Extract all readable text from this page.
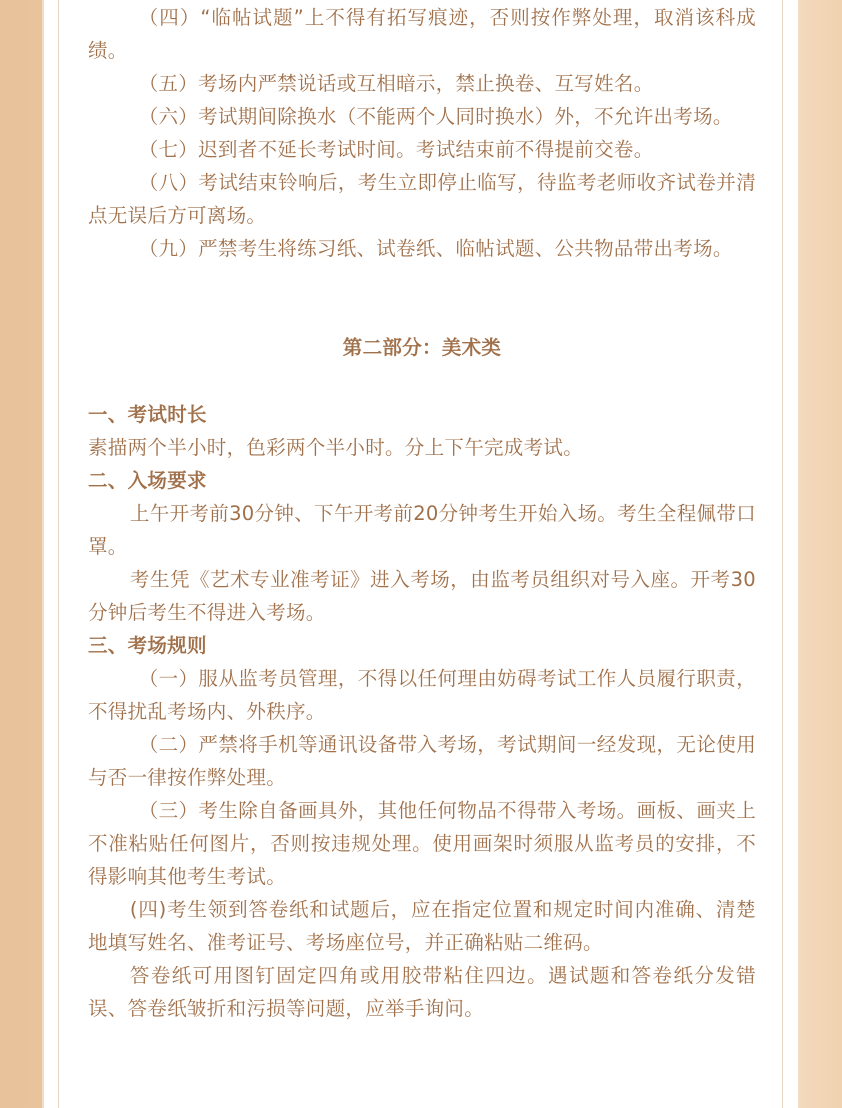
（四）“临帖试题”上不得有拓写痕迹，否则按作弊处理，取消该科成绩。

（五）考场内严禁说话或互相暗示，禁止换卷、互写姓名。

（六）考试期间除换水（不能两个人同时换水）外，不允许出考场。

（七）迟到者不延长考试时间。考试结束前不得提前交卷。

（八）考试结束铃响后，考生立即停止临写，待监考老师收齐试卷并清点无误后方可离场。

（九）严禁考生将练习纸、试卷纸、临帖试题、公共物品带出考场。

第二部分：美术类

一、考试时长

素描两个半小时，色彩两个半小时。分上下午完成考试。

二、入场要求

上午开考前30分钟、下午开考前20分钟考生开始入场。考生全程佩带口罩。

考生凭《艺术专业准考证》进入考场，由监考员组织对号入座。开考30分钟后考生不得进入考场。

三、考场规则

（一）服从监考员管理，不得以任何理由妨碍考试工作人员履行职责，不得扰乱考场内、外秩序。

（二）严禁将手机等通讯设备带入考场，考试期间一经发现，无论使用与否一律按作弊处理。

（三）考生除自备画具外，其他任何物品不得带入考场。画板、画夹上不准粘贴任何图片，否则按违规处理。使用画架时须服从监考员的安排，不得影响其他考生考试。

(四)考生领到答卷纸和试题后，应在指定位置和规定时间内准确、清楚地填写姓名、准考证号、考场座位号，并正确粘贴二维码。

答卷纸可用图钉固定四角或用胶带粘住四边。遇试题和答卷纸分发错误、答卷纸皱折和污损等问题，应举手询问。
